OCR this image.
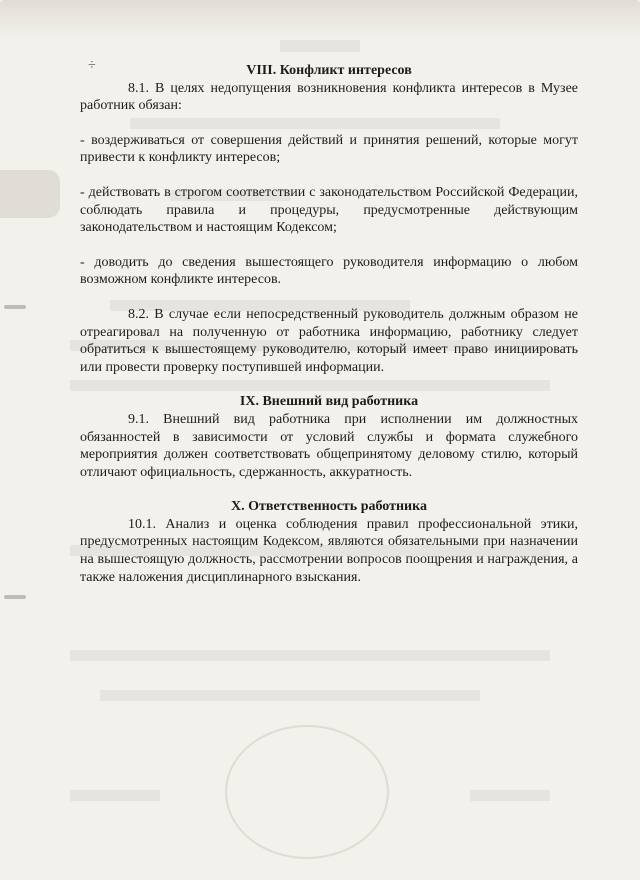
÷	VIII. Конфликт интересов

8.1. В целях недопущения возникновения конфликта интересов в Музее работник обязан:

- воздерживаться от совершения действий и принятия решений, которые могут привести к конфликту интересов;

- действовать в строгом соответствии с законодательством Российской Федерации, соблюдать правила и процедуры, предусмотренные действующим законодательством и настоящим Кодексом;

- доводить до сведения вышестоящего руководителя информацию о любом возможном конфликте интересов.

8.2. В случае если непосредственный руководитель должным образом не отреагировал на полученную от работника информацию, работнику следует обратиться к вышестоящему руководителю, который имеет право инициировать или провести проверку поступившей информации.

IX. Внешний вид работника

9.1. Внешний вид работника при исполнении им должностных обязанностей в зависимости от условий службы и формата служебного мероприятия должен соответствовать общепринятому деловому стилю, который отличают официальность, сдержанность, аккуратность.

X. Ответственность работника

10.1. Анализ и оценка соблюдения правил профессиональной этики, предусмотренных настоящим Кодексом, являются обязательными при назначении на вышестоящую должность, рассмотрении вопросов поощрения и награждения, а также наложения дисциплинарного взыскания.
